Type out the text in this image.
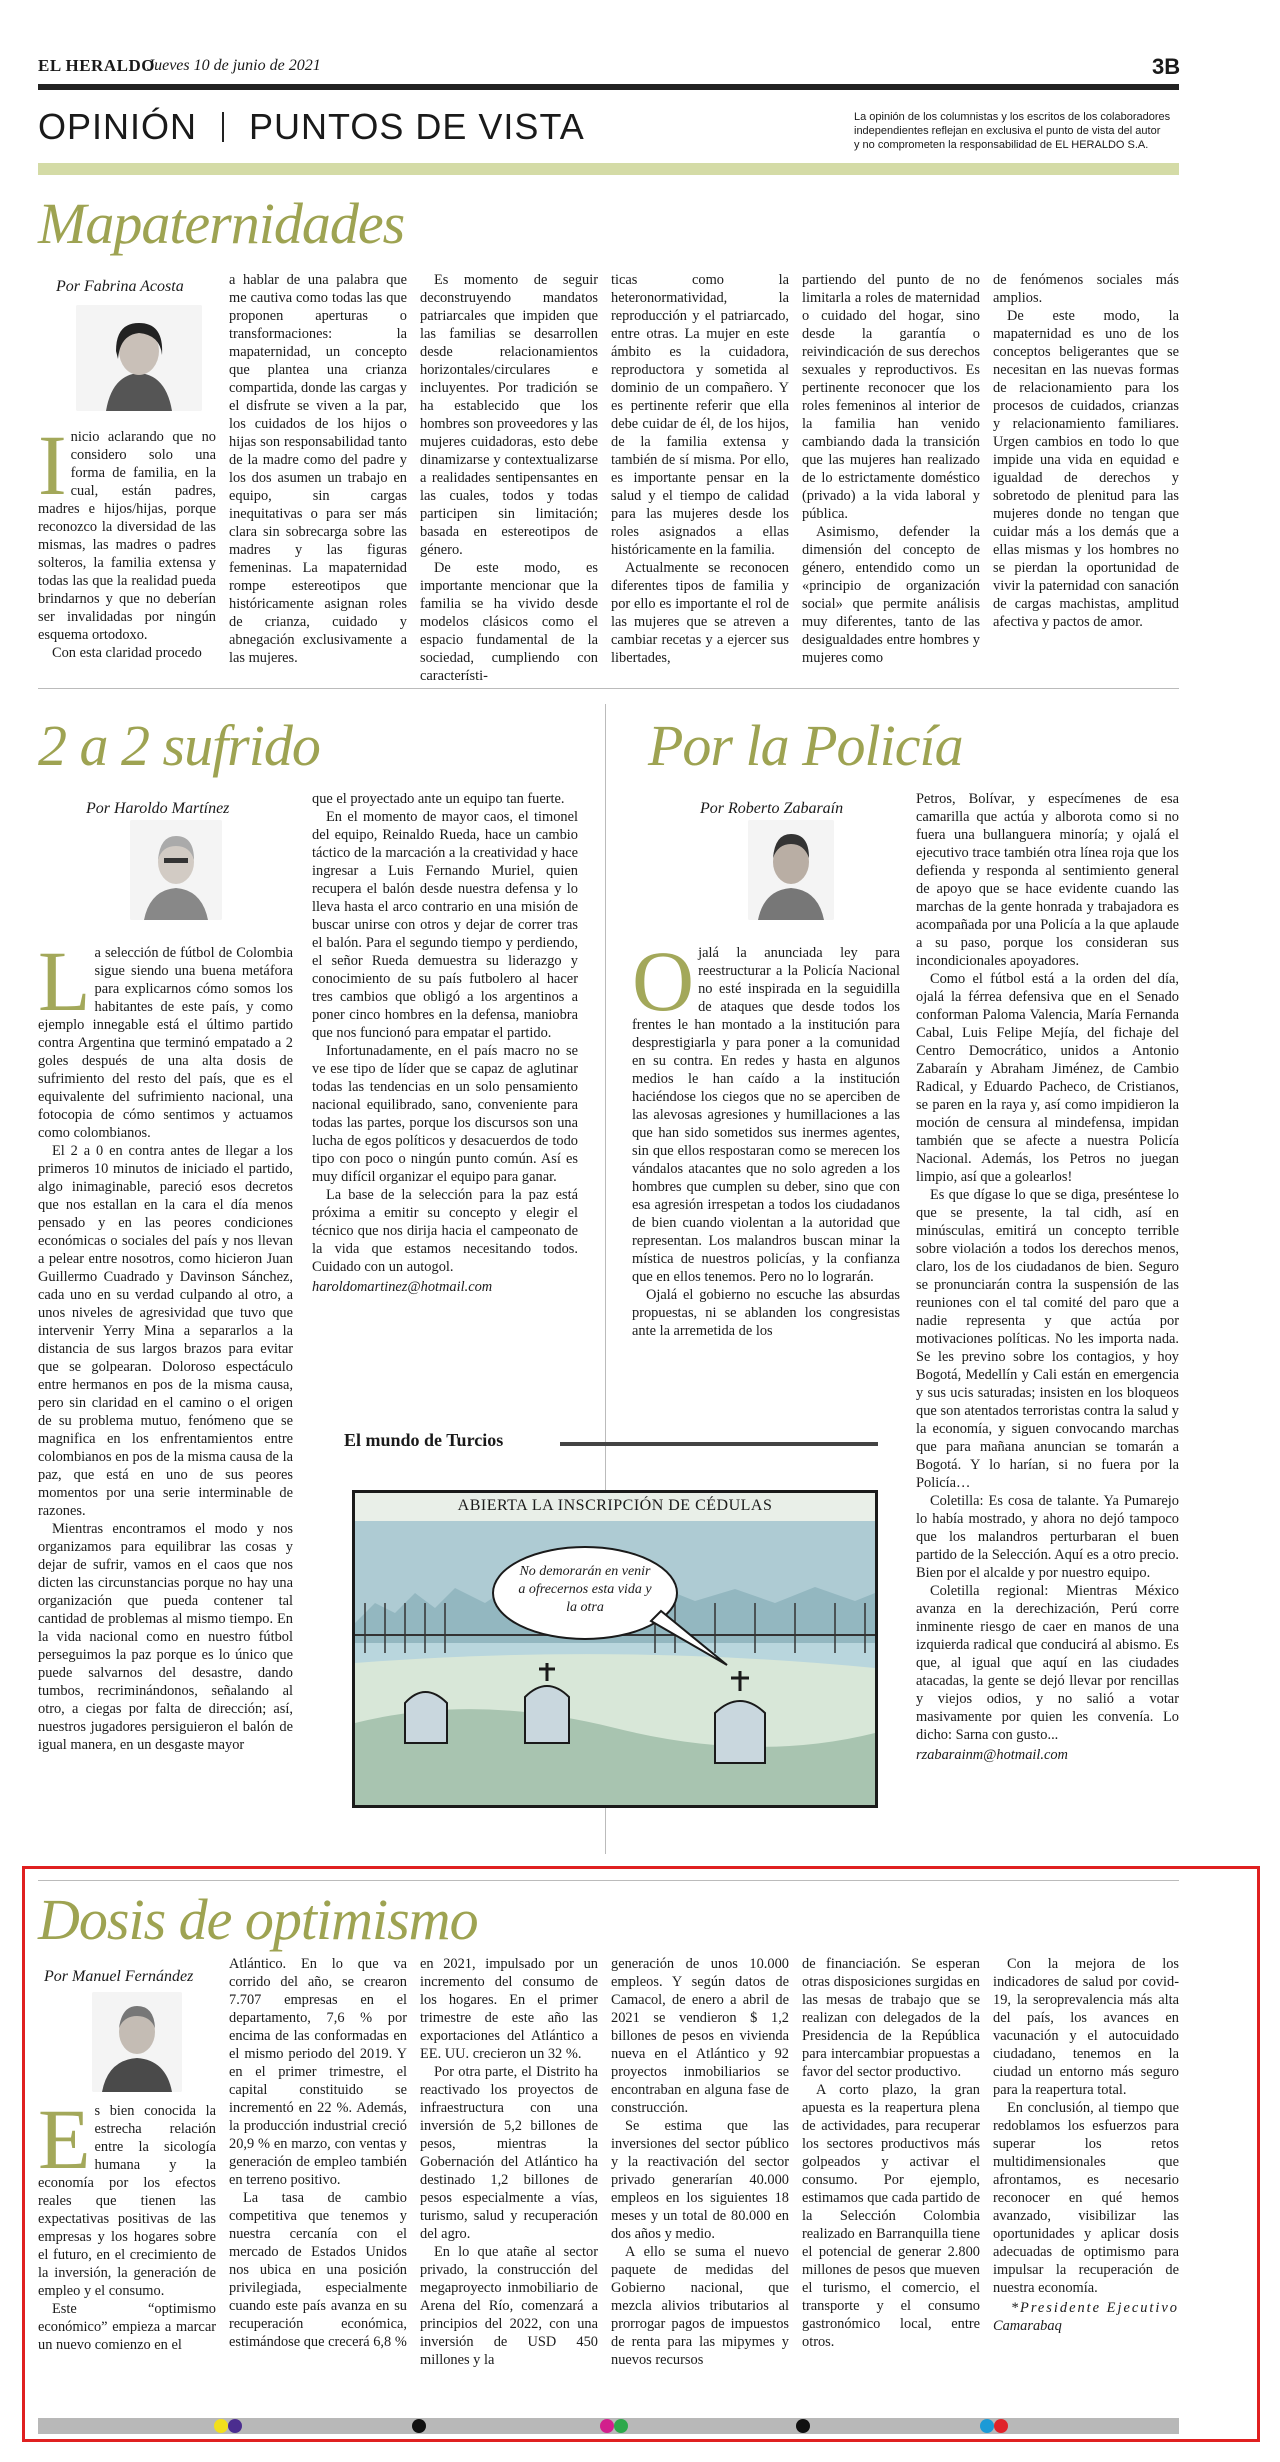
EL HERALDO
Jueves 10 de junio de 2021	3B
OPINIÓN PUNTOS DE VISTA	La opinión de los columnistas y los escritos de los colaboradores
independientes reflejan en exclusiva el punto de vista del autor
y no comprometen la responsabilidad de EL HERALDO S.A.
Mapaternidades
Por Fabrina Acosta
I nicio aclarando que no considero solo una forma de familia, en la cual, están padres, madres e hijos/hijas, porque reconozco la diversidad de las mismas, las madres o padres solteros, la familia extensa y todas las que la realidad pueda brindarnos y que no deberían ser invalidadas por ningún esquema ortodoxo.

Con esta claridad procedo

a hablar de una palabra que me cautiva como todas las que proponen aperturas o transformaciones: la mapaternidad, un concepto que plantea una crianza compartida, donde las cargas y el disfrute se viven a la par, los cuidados de los hijos o hijas son responsabilidad tanto de la madre como del padre y los dos asumen un trabajo en equipo, sin cargas inequitativas o para ser más clara sin sobrecarga sobre las madres y las figuras femeninas. La mapaternidad rompe estereotipos que históricamente asignan roles de crianza, cuidado y abnegación exclusivamente a las mujeres.

Es momento de seguir deconstruyendo mandatos patriarcales que impiden que las familias se desarrollen desde relacionamientos horizontales/circulares e incluyentes. Por tradición se ha establecido que los hombres son proveedores y las mujeres cuidadoras, esto debe dinamizarse y contextualizarse a realidades sentipensantes en las cuales, todos y todas participen sin limitación; basada en estereotipos de género.

De este modo, es importante mencionar que la familia se ha vivido desde modelos clásicos como el espacio fundamental de la sociedad, cumpliendo con característi-

ticas como la heteronormatividad, la reproducción y el patriarcado, entre otras. La mujer en este ámbito es la cuidadora, reproductora y sometida al dominio de un compañero. Y es pertinente referir que ella debe cuidar de él, de los hijos, de la familia extensa y también de sí misma. Por ello, es importante pensar en la salud y el tiempo de calidad para las mujeres desde los roles asignados a ellas históricamente en la familia.

Actualmente se reconocen diferentes tipos de familia y por ello es importante el rol de las mujeres que se atreven a cambiar recetas y a ejercer sus libertades,

partiendo del punto de no limitarla a roles de maternidad o cuidado del hogar, sino desde la garantía o reivindicación de sus derechos sexuales y reproductivos. Es pertinente reconocer que los roles femeninos al interior de la familia han venido cambiando dada la transición que las mujeres han realizado de lo estrictamente doméstico (privado) a la vida laboral y pública.

Asimismo, defender la dimensión del concepto de género, entendido como un «principio de organización social» que permite análisis muy diferentes, tanto de las desigualdades entre hombres y mujeres como

de fenómenos sociales más amplios.

De este modo, la mapaternidad es uno de los conceptos beligerantes que se necesitan en las nuevas formas de relacionamiento para los procesos de cuidados, crianzas y relacionamiento familiares. Urgen cambios en todo lo que impide una vida en equidad e igualdad de derechos y sobretodo de plenitud para las mujeres donde no tengan que cuidar más a los demás que a ellas mismas y los hombres no se pierdan la oportunidad de vivir la paternidad con sanación de cargas machistas, amplitud afectiva y pactos de amor.

2 a 2 sufrido
Por Haroldo Martínez
L a selección de fútbol de Colombia sigue siendo una buena metáfora para explicarnos cómo somos los habitantes de este país, y como ejemplo innegable está el último partido contra Argentina que terminó empatado a 2 goles después de una alta dosis de sufrimiento del resto del país, que es el equivalente del sufrimiento nacional, una fotocopia de cómo sentimos y actuamos como colombianos.

El 2 a 0 en contra antes de llegar a los primeros 10 minutos de iniciado el partido, algo inimaginable, pareció esos decretos que nos estallan en la cara el día menos pensado y en las peores condiciones económicas o sociales del país y nos llevan a pelear entre nosotros, como hicieron Juan Guillermo Cuadrado y Davinson Sánchez, cada uno en su verdad culpando al otro, a unos niveles de agresividad que tuvo que intervenir Yerry Mina a separarlos a la distancia de sus largos brazos para evitar que se golpearan. Doloroso espectáculo entre hermanos en pos de la misma causa, pero sin claridad en el camino o el origen de su problema mutuo, fenómeno que se magnifica en los enfrentamientos entre colombianos en pos de la misma causa de la paz, que está en uno de sus peores momentos por una serie interminable de razones.

Mientras encontramos el modo y nos organizamos para equilibrar las cosas y dejar de sufrir, vamos en el caos que nos dicten las circunstancias porque no hay una organización que pueda contener tal cantidad de problemas al mismo tiempo. En la vida nacional como en nuestro fútbol perseguimos la paz porque es lo único que puede salvarnos del desastre, dando tumbos, recriminándonos, señalando al otro, a ciegas por falta de dirección; así, nuestros jugadores persiguieron el balón de igual manera, en un desgaste mayor

que el proyectado ante un equipo tan fuerte.

En el momento de mayor caos, el timonel del equipo, Reinaldo Rueda, hace un cambio táctico de la marcación a la creatividad y hace ingresar a Luis Fernando Muriel, quien recupera el balón desde nuestra defensa y lo lleva hasta el arco contrario en una misión de buscar unirse con otros y dejar de correr tras el balón. Para el segundo tiempo y perdiendo, el señor Rueda demuestra su liderazgo y conocimiento de su país futbolero al hacer tres cambios que obligó a los argentinos a poner cinco hombres en la defensa, maniobra que nos funcionó para empatar el partido.

Infortunadamente, en el país macro no se ve ese tipo de líder que se capaz de aglutinar todas las tendencias en un solo pensamiento nacional equilibrado, sano, conveniente para todas las partes, porque los discursos son una lucha de egos políticos y desacuerdos de todo tipo con poco o ningún punto común. Así es muy difícil organizar el equipo para ganar.

La base de la selección para la paz está próxima a emitir su concepto y elegir el técnico que nos dirija hacia el campeonato de la vida que estamos necesitando todos. Cuidado con un autogol.

haroldomartinez@hotmail.com

Por la Policía
Por Roberto Zabaraín
O jalá la anunciada ley para reestructurar a la Policía Nacional no esté inspirada en la seguidilla de ataques que desde todos los frentes le han montado a la institución para desprestigiarla y para poner a la comunidad en su contra. En redes y hasta en algunos medios le han caído a la institución haciéndose los ciegos que no se aperciben de las alevosas agresiones y humillaciones a las que han sido sometidos sus inermes agentes, sin que ellos respostaran como se merecen los vándalos atacantes que no solo agreden a los hombres que cumplen su deber, sino que con esa agresión irrespetan a todos los ciudadanos de bien cuando violentan a la autoridad que representan. Los malandros buscan minar la mística de nuestros policías, y la confianza que en ellos tenemos. Pero no lo lograrán.

Ojalá el gobierno no escuche las absurdas propuestas, ni se ablanden los congresistas ante la arremetida de los

Petros, Bolívar, y especímenes de esa camarilla que actúa y alborota como si no fuera una bullanguera minoría; y ojalá el ejecutivo trace también otra línea roja que los defienda y responda al sentimiento general de apoyo que se hace evidente cuando las marchas de la gente honrada y trabajadora es acompañada por una Policía a la que aplaude a su paso, porque los consideran sus incondicionales apoyadores.

Como el fútbol está a la orden del día, ojalá la férrea defensiva que en el Senado conforman Paloma Valencia, María Fernanda Cabal, Luis Felipe Mejía, del fichaje del Centro Democrático, unidos a Antonio Zabaraín y Abraham Jiménez, de Cambio Radical, y Eduardo Pacheco, de Cristianos, se paren en la raya y, así como impidieron la moción de censura al mindefensa, impidan también que se afecte a nuestra Policía Nacional. Además, los Petros no juegan limpio, así que a golearlos!

Es que dígase lo que se diga, preséntese lo que se presente, la tal cidh, así en minúsculas, emitirá un concepto terrible sobre violación a todos los derechos menos, claro, los de los ciudadanos de bien. Seguro se pronunciarán contra la suspensión de las reuniones con el tal comité del paro que a nadie representa y que actúa por motivaciones políticas. No les importa nada. Se les previno sobre los contagios, y hoy Bogotá, Medellín y Cali están en emergencia y sus ucis saturadas; insisten en los bloqueos que son atentados terroristas contra la salud y la economía, y siguen convocando marchas que para mañana anuncian se tomarán a Bogotá. Y lo harían, si no fuera por la Policía…

Coletilla: Es cosa de talante. Ya Pumarejo lo había mostrado, y ahora no dejó tampoco que los malandros perturbaran el buen partido de la Selección. Aquí es a otro precio. Bien por el alcalde y por nuestro equipo.

Coletilla regional: Mientras México avanza en la derechización, Perú corre inminente riesgo de caer en manos de una izquierda radical que conducirá al abismo. Es que, al igual que aquí en las ciudades atacadas, la gente se dejó llevar por rencillas y viejos odios, y no salió a votar masivamente por quien les convenía. Lo dicho: Sarna con gusto...

rzabarainm@hotmail.com

El mundo de Turcios
ABIERTA LA INSCRIPCIÓN DE CÉDULAS
No demorarán en venir a ofrecernos esta vida y la otra
Dosis de optimismo
Por Manuel Fernández
E s bien conocida la estrecha relación entre la sicología humana y la economía por los efectos reales que tienen las expectativas positivas de las empresas y los hogares sobre el futuro, en el crecimiento de la inversión, la generación de empleo y el consumo.

Este “optimismo económico” empieza a marcar un nuevo comienzo en el

Atlántico. En lo que va corrido del año, se crearon 7.707 empresas en el departamento, 7,6 % por encima de las conformadas en el mismo periodo del 2019. Y en el primer trimestre, el capital constituido se incrementó en 22 %. Además, la producción industrial creció 20,9 % en marzo, con ventas y generación de empleo también en terreno positivo.

La tasa de cambio competitiva que tenemos y nuestra cercanía con el mercado de Estados Unidos nos ubica en una posición privilegiada, especialmente cuando este país avanza en su recuperación económica, estimándose que crecerá 6,8 %

en 2021, impulsado por un incremento del consumo de los hogares. En el primer trimestre de este año las exportaciones del Atlántico a EE. UU. crecieron un 32 %.

Por otra parte, el Distrito ha reactivado los proyectos de infraestructura con una inversión de 5,2 billones de pesos, mientras la Gobernación del Atlántico ha destinado 1,2 billones de pesos especialmente a vías, turismo, salud y recuperación del agro.

En lo que atañe al sector privado, la construcción del megaproyecto inmobiliario de Arena del Río, comenzará a principios del 2022, con una inversión de USD 450 millones y la

generación de unos 10.000 empleos. Y según datos de Camacol, de enero a abril de 2021 se vendieron $ 1,2 billones de pesos en vivienda nueva en el Atlántico y 92 proyectos inmobiliarios se encontraban en alguna fase de construcción.

Se estima que las inversiones del sector público y la reactivación del sector privado generarían 40.000 empleos en los siguientes 18 meses y un total de 80.000 en dos años y medio.

A ello se suma el nuevo paquete de medidas del Gobierno nacional, que mezcla alivios tributarios al prorrogar pagos de impuestos de renta para las mipymes y nuevos recursos

de financiación. Se esperan otras disposiciones surgidas en las mesas de trabajo que se realizan con delegados de la Presidencia de la República para intercambiar propuestas a favor del sector productivo.

A corto plazo, la gran apuesta es la reapertura plena de actividades, para recuperar los sectores productivos más golpeados y activar el consumo. Por ejemplo, estimamos que cada partido de la Selección Colombia realizado en Barranquilla tiene el potencial de generar 2.800 millones de pesos que mueven el turismo, el comercio, el transporte y el consumo gastronómico local, entre otros.

Con la mejora de los indicadores de salud por covid-19, la seroprevalencia más alta del país, los avances en vacunación y el autocuidado ciudadano, tenemos en la ciudad un entorno más seguro para la reapertura total.

En conclusión, al tiempo que redoblamos los esfuerzos para superar los retos multidimensionales que afrontamos, es necesario reconocer en qué hemos avanzado, visibilizar las oportunidades y aplicar dosis adecuadas de optimismo para impulsar la recuperación de nuestra economía.

*Presidente Ejecutivo

Camarabaq
